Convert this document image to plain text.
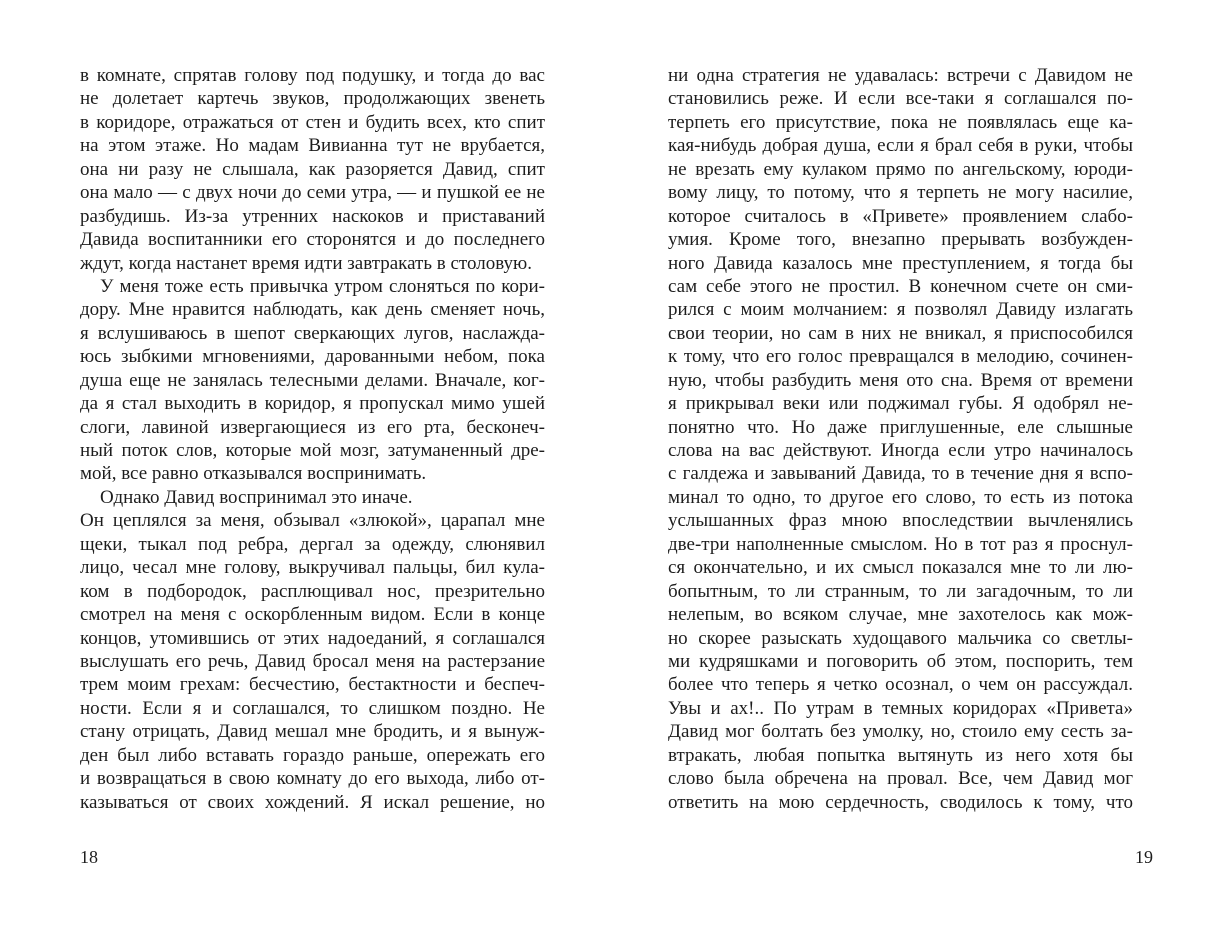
в комнате, спрятав голову под подушку, и тогда до вас
не долетает картечь звуков, продолжающих звенеть
в коридоре, отражаться от стен и будить всех, кто спит
на этом этаже. Но мадам Вивианна тут не врубается,
она ни разу не слышала, как разоряется Давид, спит
она мало — с двух ночи до семи утра, — и пушкой ее не
разбудишь. Из-за утренних наскоков и приставаний
Давида воспитанники его сторонятся и до последнего
ждут, когда настанет время идти завтракать в столовую.
У меня тоже есть привычка утром слоняться по кори-
дору. Мне нравится наблюдать, как день сменяет ночь,
я вслушиваюсь в шепот сверкающих лугов, наслажда-
юсь зыбкими мгновениями, дарованными небом, пока
душа еще не занялась телесными делами. Вначале, ког-
да я стал выходить в коридор, я пропускал мимо ушей
слоги, лавиной извергающиеся из его рта, бесконеч-
ный поток слов, которые мой мозг, затуманенный дре-
мой, все равно отказывался воспринимать.
Однако Давид воспринимал это иначе.
Он цеплялся за меня, обзывал «злюкой», царапал мне
щеки, тыкал под ребра, дергал за одежду, слюнявил
лицо, чесал мне голову, выкручивал пальцы, бил кула-
ком в подбородок, расплющивал нос, презрительно
смотрел на меня с оскорбленным видом. Если в конце
концов, утомившись от этих надоеданий, я соглашался
выслушать его речь, Давид бросал меня на растерзание
трем моим грехам: бесчестию, бестактности и беспеч-
ности. Если я и соглашался, то слишком поздно. Не
стану отрицать, Давид мешал мне бродить, и я вынуж-
ден был либо вставать гораздо раньше, опережать его
и возвращаться в свою комнату до его выхода, либо от-
казываться от своих хождений. Я искал решение, но
18
ни одна стратегия не удавалась: встречи с Давидом не
становились реже. И если все-таки я соглашался по-
терпеть его присутствие, пока не появлялась еще ка-
кая-нибудь добрая душа, если я брал себя в руки, чтобы
не врезать ему кулаком прямо по ангельскому, юроди-
вому лицу, то потому, что я терпеть не могу насилие,
которое считалось в «Привете» проявлением слабо-
умия. Кроме того, внезапно прерывать возбужден-
ного Давида казалось мне преступлением, я тогда бы
сам себе этого не простил. В конечном счете он сми-
рился с моим молчанием: я позволял Давиду излагать
свои теории, но сам в них не вникал, я приспособился
к тому, что его голос превращался в мелодию, сочинен-
ную, чтобы разбудить меня ото сна. Время от времени
я прикрывал веки или поджимал губы. Я одобрял не-
понятно что. Но даже приглушенные, еле слышные
слова на вас действуют. Иногда если утро начиналось
с галдежа и завываний Давида, то в течение дня я вспо-
минал то одно, то другое его слово, то есть из потока
услышанных фраз мною впоследствии вычленялись
две-три наполненные смыслом. Но в тот раз я проснул-
ся окончательно, и их смысл показался мне то ли лю-
бопытным, то ли странным, то ли загадочным, то ли
нелепым, во всяком случае, мне захотелось как мож-
но скорее разыскать худощавого мальчика со светлы-
ми кудряшками и поговорить об этом, поспорить, тем
более что теперь я четко осознал, о чем он рассуждал.
Увы и ах!.. По утрам в темных коридорах «Привета»
Давид мог болтать без умолку, но, стоило ему сесть за-
втракать, любая попытка вытянуть из него хотя бы
слово была обречена на провал. Все, чем Давид мог
ответить на мою сердечность, сводилось к тому, что
19
